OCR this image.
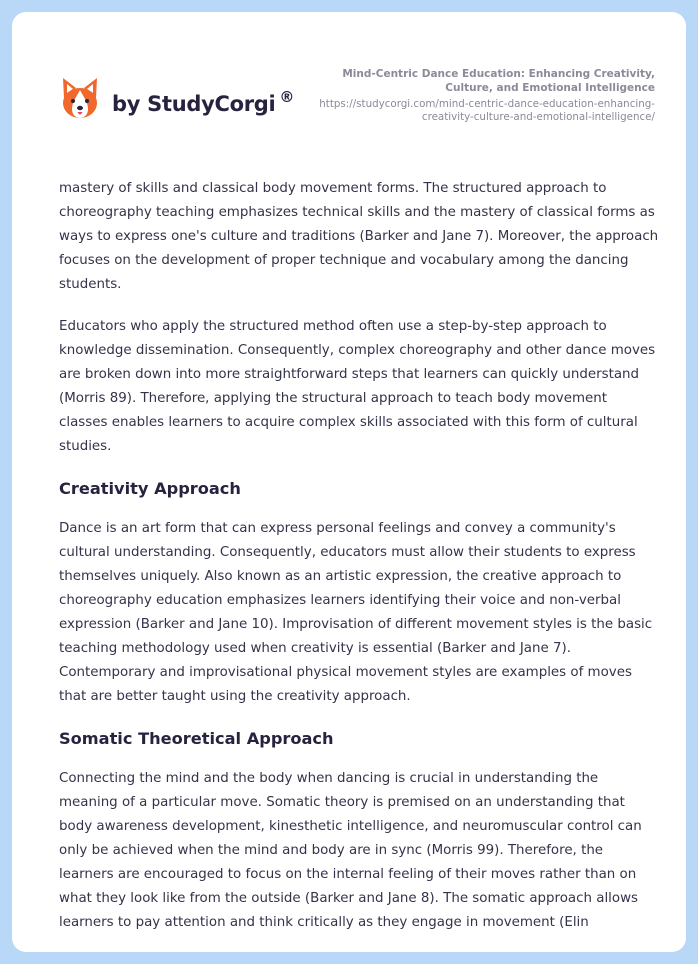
by StudyCorgi ®
Mind-Centric Dance Education: Enhancing Creativity, Culture, and Emotional Intelligence
https://studycorgi.com/mind-centric-dance-education-enhancing-creativity-culture-and-emotional-intelligence/

mastery of skills and classical body movement forms. The structured approach to choreography teaching emphasizes technical skills and the mastery of classical forms as ways to express one's culture and traditions (Barker and Jane 7). Moreover, the approach focuses on the development of proper technique and vocabulary among the dancing students.

Educators who apply the structured method often use a step-by-step approach to knowledge dissemination. Consequently, complex choreography and other dance moves are broken down into more straightforward steps that learners can quickly understand (Morris 89). Therefore, applying the structural approach to teach body movement classes enables learners to acquire complex skills associated with this form of cultural studies.

Creativity Approach

Dance is an art form that can express personal feelings and convey a community's cultural understanding. Consequently, educators must allow their students to express themselves uniquely. Also known as an artistic expression, the creative approach to choreography education emphasizes learners identifying their voice and non-verbal expression (Barker and Jane 10). Improvisation of different movement styles is the basic teaching methodology used when creativity is essential (Barker and Jane 7). Contemporary and improvisational physical movement styles are examples of moves that are better taught using the creativity approach.

Somatic Theoretical Approach

Connecting the mind and the body when dancing is crucial in understanding the meaning of a particular move. Somatic theory is premised on an understanding that body awareness development, kinesthetic intelligence, and neuromuscular control can only be achieved when the mind and body are in sync (Morris 99). Therefore, the learners are encouraged to focus on the internal feeling of their moves rather than on what they look like from the outside (Barker and Jane 8). The somatic approach allows learners to pay attention and think critically as they engage in movement (Elin
